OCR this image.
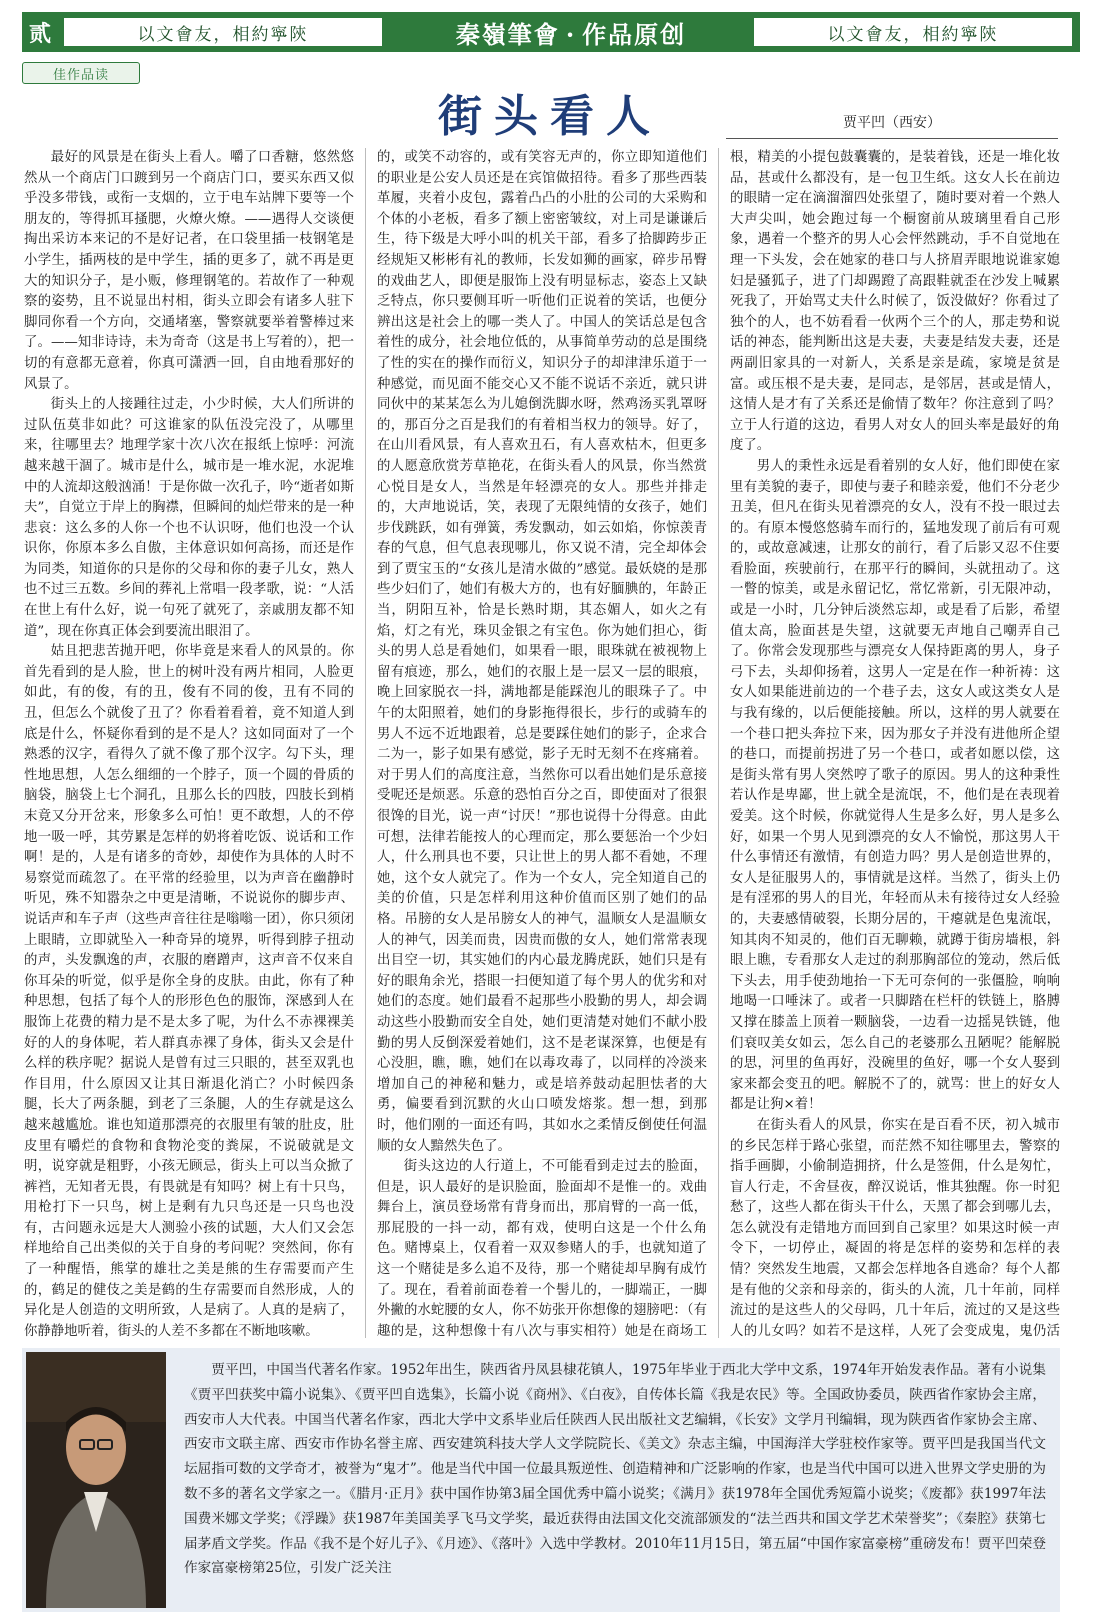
贰	以文會友，相約寧陝	秦嶺筆會 · 作品原创	以文會友，相約寧陝
佳作品读
街头看人	贾平凹（西安）

最好的风景是在街头上看人。嚼了口香糖，悠然悠然从一个商店门口踱到另一个商店门口，要买东西又似乎没多带钱，或衔一支烟的，立于电车站牌下要等一个朋友的，等得抓耳搔腮，火燎火燎。——遇得人交谈便掏出采访本来记的不是好记者，在口袋里插一枝钢笔是小学生，插两枝的是中学生，插的更多了，就不再是更大的知识分子，是小贩，修理钢笔的。若故作了一种观察的姿势，且不说显出村相，街头立即会有诸多人驻下脚同你看一个方向，交通堵塞，警察就要举着警棒过来了。——知非诗诗，未为奇奇（这是书上写着的），把一切的有意都无意着，你真可潇洒一回，自由地看那好的风景了。

街头上的人接踵往过走，小少时候，大人们所讲的过队伍莫非如此？可这谁家的队伍没完没了，从哪里来，往哪里去？地理学家十次八次在报纸上惊呼：河流越来越干涸了。城市是什么，城市是一堆水泥，水泥堆中的人流却这般汹涌！于是你做一次孔子，吟“逝者如斯夫”，自觉立于岸上的胸襟，但瞬间的灿烂带来的是一种悲哀：这么多的人你一个也不认识呀，他们也没一个认识你，你原本多么自傲，主体意识如何高扬，而还是作为同类，知道你的只是你的父母和你的妻子儿女，熟人也不过三五数。乡间的葬礼上常唱一段孝歌，说：“人活在世上有什么好，说一句死了就死了，亲戚朋友都不知道”，现在你真正体会到要流出眼泪了。

姑且把悲苦抛开吧，你毕竟是来看人的风景的。你首先看到的是人脸，世上的树叶没有两片相同，人脸更如此，有的俊，有的丑，俊有不同的俊，丑有不同的丑，但怎么个就俊了丑了？你看着看着，竟不知道人到底是什么，怀疑你看到的是不是人？这如同面对了一个熟悉的汉字，看得久了就不像了那个汉字。勾下头，理性地思想，人怎么细细的一个脖子，顶一个圆的骨质的脑袋，脑袋上七个洞孔，且那么长的四肢，四肢长到梢末竟又分开岔来，形象多么可怕！更不敢想，人的不停地一吸一呼，其劳累是怎样的奶将着吃饭、说话和工作啊！是的，人是有诸多的奇妙，却使作为具体的人时不易察觉而疏忽了。在平常的经验里，以为声音在幽静时听见，殊不知嚣杂之中更是清晰，不说说你的脚步声、说话声和车子声（这些声音往往是嗡嗡一团），你只须闭上眼睛，立即就坠入一种奇异的境界，听得到脖子扭动的声，头发飘逸的声，衣服的磨蹭声，这声音不仅来自你耳朵的听觉，似乎是你全身的皮肤。由此，你有了种种思想，包括了每个人的形形色色的服饰，深感到人在服饰上花费的精力是不是太多了呢，为什么不赤裸裸美好的人的身体呢，若人群真赤裸了身体，街头又会是什么样的秩序呢？据说人是曾有过三只眼的，甚至双乳也作目用，什么原因又让其日渐退化消亡？小时候四条腿，长大了两条腿，到老了三条腿，人的生存就是这么越来越尴尬。谁也知道那漂亮的衣服里有皱的肚皮，肚皮里有嚼烂的食物和食物沦变的粪屎，不说破就是文明，说穿就是粗野，小孩无顾忌，街头上可以当众掀了裤裆，无知者无畏，有畏就是有知吗？树上有十只鸟，用枪打下一只鸟，树上是剩有九只鸟还是一只鸟也没有，古问题永远是大人测验小孩的试题，大人们又会怎样地给自己出类似的关于自身的考问呢？突然间，你有了一种醒悟，熊掌的雄壮之美是熊的生存需要而产生的，鹤足的健伎之美是鹤的生存需要而自然形成，人的异化是人创造的文明所致，人是病了。人真的是病了，你静静地听着，街头的人差不多都在不断地咳嗽。

的，或笑不动容的，或有笑容无声的，你立即知道他们的职业是公安人员还是在宾馆做招待。看多了那些西装革履，夹着小皮包，露着凸凸的小肚的公司的大采购和个体的小老板，看多了额上密密皱纹，对上司是谦谦后生，待下级是大呼小叫的机关干部，看多了拾脚跨步正经规矩又彬彬有礼的教师，长发如狮的画家，碎步吊臀的戏曲艺人，即便是服饰上没有明显标志，姿态上又缺乏特点，你只要侧耳听一听他们正说着的笑话，也便分辨出这是社会上的哪一类人了。中国人的笑话总是包含着性的成分，社会地位低的，从事简单劳动的总是围绕了性的实在的操作而衍义，知识分子的却津津乐道于一种感觉，而见面不能交心又不能不说话不亲近，就只讲同伙中的某某怎么为儿媳倒洗脚水呀，然鸡汤买乳罩呀的，那百分之百是我们的有着相当权力的领导。好了，在山川看风景，有人喜欢丑石，有人喜欢枯木，但更多的人愿意欣赏芳草艳花，在街头看人的风景，你当然赏心悦目是女人，当然是年轻漂亮的女人。那些并排走的，大声地说话，笑，表现了无限纯情的女孩子，她们步伐跳跃，如有弹簧，秀发飘动，如云如焰，你惊羡青春的气息，但气息表现哪儿，你又说不清，完全却体会到了贾宝玉的“女孩儿是清水做的”感觉。最妖娆的是那些少妇们了，她们有极大方的，也有好腼腆的，年龄正当，阴阳互补，恰是长熟时期，其态媚人，如火之有焰，灯之有光，珠贝金银之有宝色。你为她们担心，街头的男人总是看她们，如果看一眼，眼珠就在被视物上留有痕迹，那么，她们的衣服上是一层又一层的眼痕，晚上回家脱衣一抖，满地都是能踩泡儿的眼珠子了。中午的太阳照着，她们的身影拖得很长，步行的或骑车的男人不远不近地跟着，总是要踩住她们的影子，企求合二为一，影子如果有感觉，影子无时无刻不在疼痛着。对于男人们的高度注意，当然你可以看出她们是乐意接受呢还是烦恶。乐意的恐怕百分之百，即使面对了很狠很馋的目光，说一声“讨厌！”那也说得十分得意。由此可想，法律若能按人的心理而定，那么要惩治一个少妇人，什么刑具也不要，只让世上的男人都不看她，不理她，这个女人就完了。作为一个女人，完全知道自己的美的价值，只是怎样利用这种价值而区别了她们的品格。吊膀的女人是吊膀女人的神气，温顺女人是温顺女人的神气，因美而贵，因贵而傲的女人，她们常常表现出目空一切，其实她们的内心最龙腾虎跃，她们只是有好的眼角余光，搭眼一扫便知道了每个男人的优劣和对她们的态度。她们最看不起那些小股勤的男人，却会调动这些小股勤而安全自处，她们更清楚对她们不献小股勤的男人反倒深爱着她们，这不是老谋深算，也便是有心没胆，瞧，瞧，她们在以毒攻毒了，以同样的冷淡来增加自己的神秘和魅力，或是培养鼓动起胆怯者的大勇，偏要看到沉默的火山口喷发熔浆。想一想，到那时，他们刚的一面还有吗，其如水之柔情反倒使任何温顺的女人黯然失色了。

街头这边的人行道上，不可能看到走过去的脸面，但是，识人最好的是识脸面，脸面却不是惟一的。戏曲舞台上，演员登场常有背身而出，那肩臂的一高一低，那屁股的一抖一动，都有戏，使明白这是一个什么角色。赌博桌上，仅看着一双双参赌人的手，也就知道了这一个赌徒是多么追不及待，那一个赌徒却早胸有成竹了。现在，看着前面卷着一个髻儿的，一脚端正，一脚外撇的水蛇腰的女人，你不妨张开你想像的翅膀吧：（有趣的是，这种想像十有八次与事实相符）她是在商场工

根，精美的小提包鼓囊囊的，是装着钱，还是一堆化妆品，甚或什么都没有，是一包卫生纸。这女人长在前边的眼睛一定在滴溜溜四处张望了，随时要对着一个熟人大声尖叫，她会跑过每一个橱窗前从玻璃里看自己形象，遇着一个整齐的男人心会怦然跳动，手不自觉地在理一下头发，会在她家的巷口与人挤眉弄眼地说谁家媳妇是骚狐子，进了门却踢蹬了高跟鞋就歪在沙发上喊累死我了，开始骂丈夫什么时候了，饭没做好？你看过了独个的人，也不妨看看一伙两个三个的人，那走势和说话的神态，能判断出这是夫妻，夫妻是结发夫妻，还是两副旧家具的一对新人，关系是亲是疏，家境是贫是富。或压根不是夫妻，是同志，是邻居，甚或是情人，这情人是才有了关系还是偷情了数年？你注意到了吗？立于人行道的这边，看男人对女人的回头率是最好的角度了。

男人的秉性永远是看着别的女人好，他们即使在家里有美貌的妻子，即使与妻子和睦亲爱，他们不分老少丑美，但凡在街头见着漂亮的女人，没有不投一眼过去的。有原本慢悠悠骑车而行的，猛地发现了前后有可观的，或故意减速，让那女的前行，看了后影又忍不住要看脸面，疾驶前行，在那平行的瞬间，头就扭动了。这一瞥的惊美，或是永留记忆，常忆常新，引无限冲动，或是一小时，几分钟后淡然忘却，或是看了后影，希望值太高，脸面甚是失望，这就要无声地自己嘲弄自己了。你常会发现那些与漂亮女人保持距离的男人，身子弓下去，头却仰扬着，这男人一定是在作一种祈祷：这女人如果能进前边的一个巷子去，这女人或这类女人是与我有缘的，以后便能接触。所以，这样的男人就要在一个巷口把头奔拉下来，因为那女子并没有进他所企望的巷口，而提前拐进了另一个巷口，或者如愿以偿，这是街头常有男人突然哼了歌子的原因。男人的这种秉性若认作是卑鄙，世上就全是流氓，不，他们是在表现着爱美。这个时候，你就觉得人生是多么好，男人是多么好，如果一个男人见到漂亮的女人不愉悦，那这男人干什么事情还有激情，有创造力吗？男人是创造世界的，女人是征服男人的，事情就是这样。当然了，街头上仍是有淫邪的男人的目光，年轻而从未有接待过女人经验的，夫妻感情破裂，长期分居的，干瘪就是色鬼流氓，知其肉不知灵的，他们百无聊赖，就蹲于街房墙根，斜眼上瞧，专看那女人走过的刹那胸部位的笼动，然后低下头去，用手使劲地抬一下无可奈何的一张僵脸，响响地喝一口唾沫了。或者一只脚踏在栏杆的铁链上，胳膊又撑在膝盖上顶着一颗脑袋，一边看一边摇晃铁链，他们衰叹美女如云，怎么自己的老婆那么丑陋呢？能解脱的思，河里的鱼再好，没碗里的鱼好，哪一个女人娶到家来都会变丑的吧。解脱不了的，就骂：世上的好女人都是让狗×着！

在街头看人的风景，你实在是百看不厌，初入城市的乡民怎样于路心张望，而茫然不知往哪里去，警察的指手画脚，小偷制造拥挤，什么是签佣，什么是匆忙，盲人行走，不舍昼夜，醉汉说话，惟其独醒。你一时犯愁了，这些人都在街头干什么，天黑了都会到哪儿去，怎么就没有走错地方而回到自己家里？如果这时候一声令下，一切停止，凝固的将是怎样的姿势和怎样的表情？突然发生地震，又都会怎样地各自逃命？每个人都是有他的父亲和母亲的，街头的人流，几十年前，同样流过的是这些人的父母吗，几十年后，流过的又是这些人的儿女吗？如若不是这样，人死了会变成鬼，鬼仍活

贾平凹，中国当代著名作家。1952年出生，陕西省丹凤县棣花镇人，1975年毕业于西北大学中文系，1974年开始发表作品。著有小说集《贾平凹获奖中篇小说集》、《贾平凹自选集》，长篇小说《商州》、《白夜》，自传体长篇《我是农民》等。全国政协委员，陕西省作家协会主席，西安市人大代表。中国当代著名作家，西北大学中文系毕业后任陕西人民出版社文艺编辑，《长安》文学月刊编辑，现为陕西省作家协会主席、西安市文联主席、西安市作协名誉主席、西安建筑科技大学人文学院院长、《美文》杂志主编，中国海洋大学驻校作家等。贾平凹是我国当代文坛屈指可数的文学奇才，被誉为“鬼才”。他是当代中国一位最具叛逆性、创造精神和广泛影响的作家，也是当代中国可以进入世界文学史册的为数不多的著名文学家之一。《腊月·正月》获中国作协第3届全国优秀中篇小说奖；《满月》获1978年全国优秀短篇小说奖；《废都》获1997年法国费米娜文学奖；《浮躁》获1987年美国美孚飞马文学奖，最近获得由法国文化交流部颁发的“法兰西共和国文学艺术荣誉奖”；《秦腔》获第七届茅盾文学奖。作品《我不是个好儿子》、《月迹》、《落叶》入选中学教材。2010年11月15日，第五届“中国作家富豪榜”重磅发布！贾平凹荣登作家富豪榜第25位，引发广泛关注
